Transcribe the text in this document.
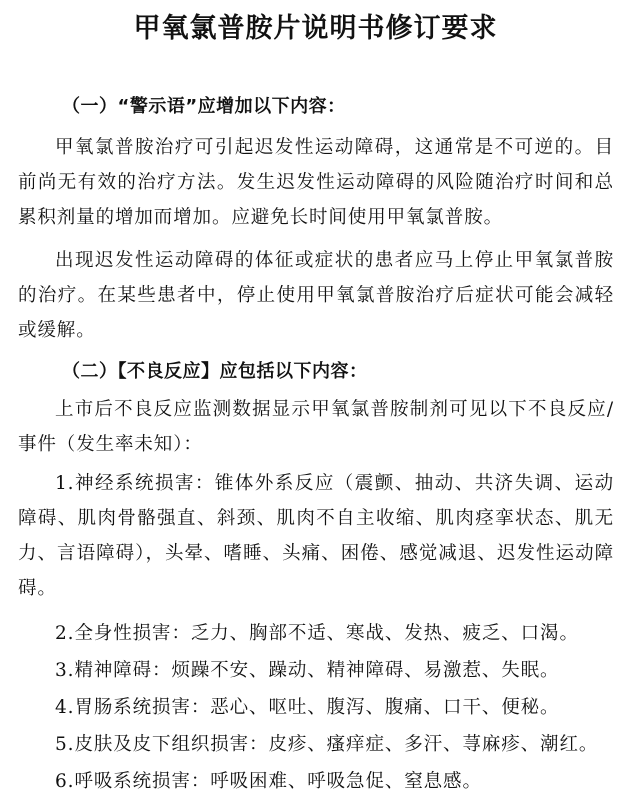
甲氧氯普胺片说明书修订要求
（一）“警示语”应增加以下内容：

甲氧氯普胺治疗可引起迟发性运动障碍，这通常是不可逆的。目前尚无有效的治疗方法。发生迟发性运动障碍的风险随治疗时间和总累积剂量的增加而增加。应避免长时间使用甲氧氯普胺。

出现迟发性运动障碍的体征或症状的患者应马上停止甲氧氯普胺的治疗。在某些患者中，停止使用甲氧氯普胺治疗后症状可能会减轻或缓解。

（二）【不良反应】应包括以下内容：

上市后不良反应监测数据显示甲氧氯普胺制剂可见以下不良反应/事件（发生率未知）：

1.神经系统损害：锥体外系反应（震颤、抽动、共济失调、运动障碍、肌肉骨骼强直、斜颈、肌肉不自主收缩、肌肉痉挛状态、肌无力、言语障碍），头晕、嗜睡、头痛、困倦、感觉减退、迟发性运动障碍。

2.全身性损害：乏力、胸部不适、寒战、发热、疲乏、口渴。

3.精神障碍：烦躁不安、躁动、精神障碍、易激惹、失眠。

4.胃肠系统损害：恶心、呕吐、腹泻、腹痛、口干、便秘。

5.皮肤及皮下组织损害：皮疹、瘙痒症、多汗、荨麻疹、潮红。

6.呼吸系统损害：呼吸困难、呼吸急促、窒息感。
